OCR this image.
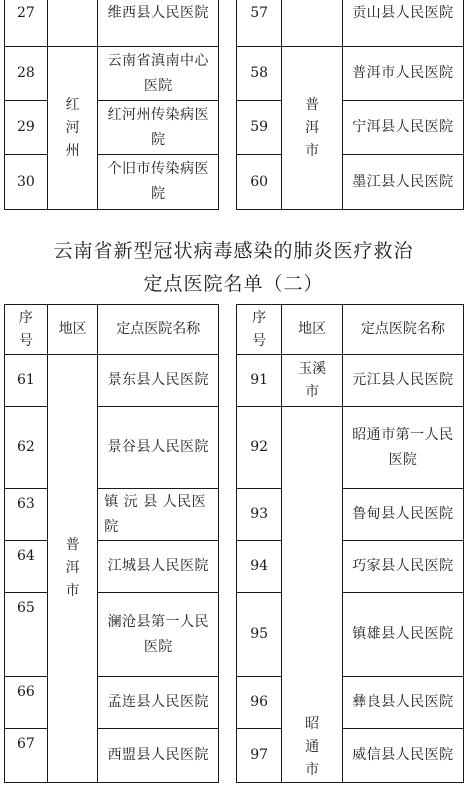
27		维西县人民医院		57		贡山县人民医院
28	红河州	云南省滇南中心医院		58	普洱市	普洱市人民医院
29		红河州传染病医院		59		宁洱县人民医院
30		个旧市传染病医院		60		墨江县人民医院
云南省新型冠状病毒感染的肺炎医疗救治
定点医院名单（二）
序号	地区	定点医院名称		序号	地区	定点医院名称
61	普洱市	景东县人民医院		91	玉溪市	元江县人民医院
62		景谷县人民医院		92	昭通市	昭通市第一人民医院
63		镇 沅 县 人民医院		93		鲁甸县人民医院
64		江城县人民医院		94		巧家县人民医院
65		澜沧县第一人民医院		95		镇雄县人民医院
66		孟连县人民医院		96		彝良县人民医院
67		西盟县人民医院		97		威信县人民医院
